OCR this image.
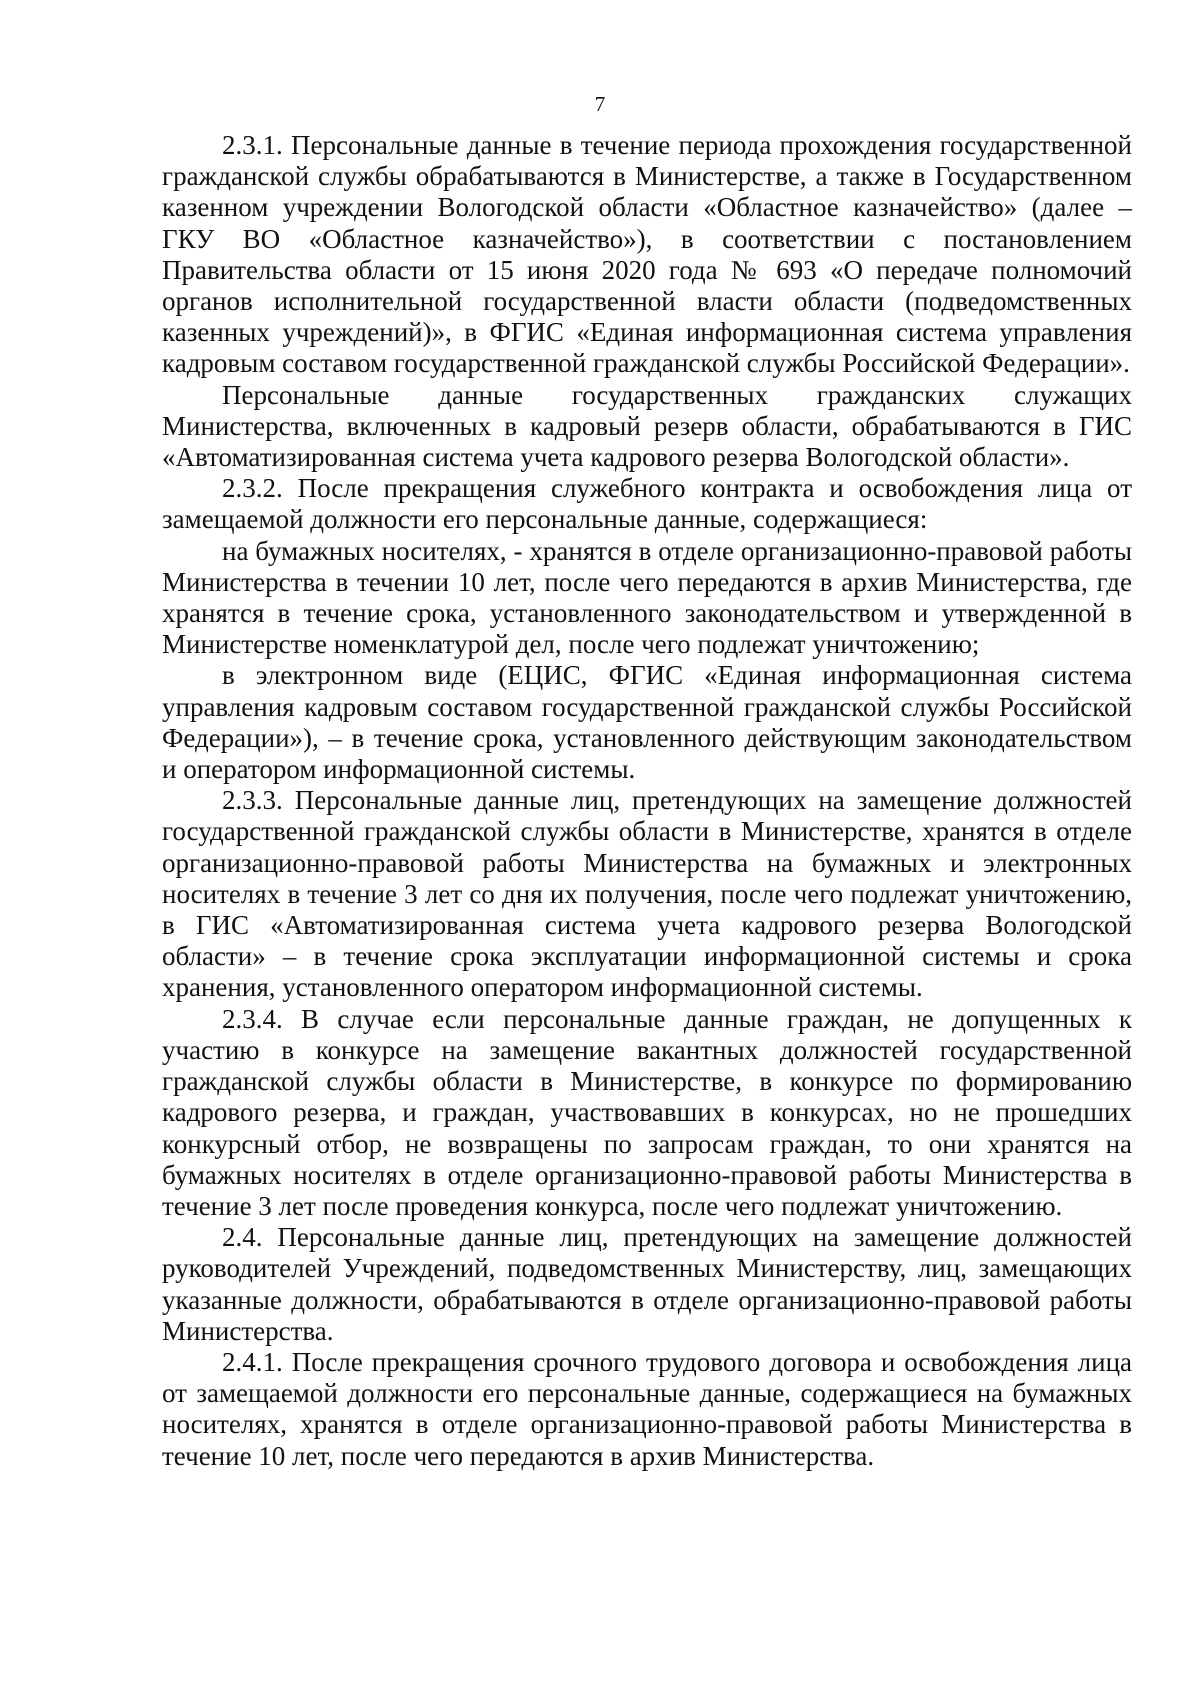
7

2.3.1. Персональные данные в течение периода прохождения государственной гражданской службы обрабатываются в Министерстве, а также в Государственном казенном учреждении Вологодской области «Областное казначейство» (далее – ГКУ ВО «Областное казначейство»), в соответствии с постановлением Правительства области от 15 июня 2020 года № 693 «О передаче полномочий органов исполнительной государственной власти области (подведомственных казенных учреждений)», в ФГИС «Единая информационная система управления кадровым составом государственной гражданской службы Российской Федерации».

Персональные данные государственных гражданских служащих Министерства, включенных в кадровый резерв области, обрабатываются в ГИС «Автоматизированная система учета кадрового резерва Вологодской области».

2.3.2. После прекращения служебного контракта и освобождения лица от замещаемой должности его персональные данные, содержащиеся:

на бумажных носителях, - хранятся в отделе организационно-правовой работы Министерства в течении 10 лет, после чего передаются в архив Министерства, где хранятся в течение срока, установленного законодательством и утвержденной в Министерстве номенклатурой дел, после чего подлежат уничтожению;

в электронном виде (ЕЦИС, ФГИС «Единая информационная система управления кадровым составом государственной гражданской службы Российской Федерации»), – в течение срока, установленного действующим законодательством и оператором информационной системы.

2.3.3. Персональные данные лиц, претендующих на замещение должностей государственной гражданской службы области в Министерстве, хранятся в отделе организационно-правовой работы Министерства на бумажных и электронных носителях в течение 3 лет со дня их получения, после чего подлежат уничтожению, в ГИС «Автоматизированная система учета кадрового резерва Вологодской области» – в течение срока эксплуатации информационной системы и срока хранения, установленного оператором информационной системы.

2.3.4. В случае если персональные данные граждан, не допущенных к участию в конкурсе на замещение вакантных должностей государственной гражданской службы области в Министерстве, в конкурсе по формированию кадрового резерва, и граждан, участвовавших в конкурсах, но не прошедших конкурсный отбор, не возвращены по запросам граждан, то они хранятся на бумажных носителях в отделе организационно-правовой работы Министерства в течение 3 лет после проведения конкурса, после чего подлежат уничтожению.

2.4. Персональные данные лиц, претендующих на замещение должностей руководителей Учреждений, подведомственных Министерству, лиц, замещающих указанные должности, обрабатываются в отделе организационно-правовой работы Министерства.

2.4.1. После прекращения срочного трудового договора и освобождения лица от замещаемой должности его персональные данные, содержащиеся на бумажных носителях, хранятся в отделе организационно-правовой работы Министерства в течение 10 лет, после чего передаются в архив Министерства.
